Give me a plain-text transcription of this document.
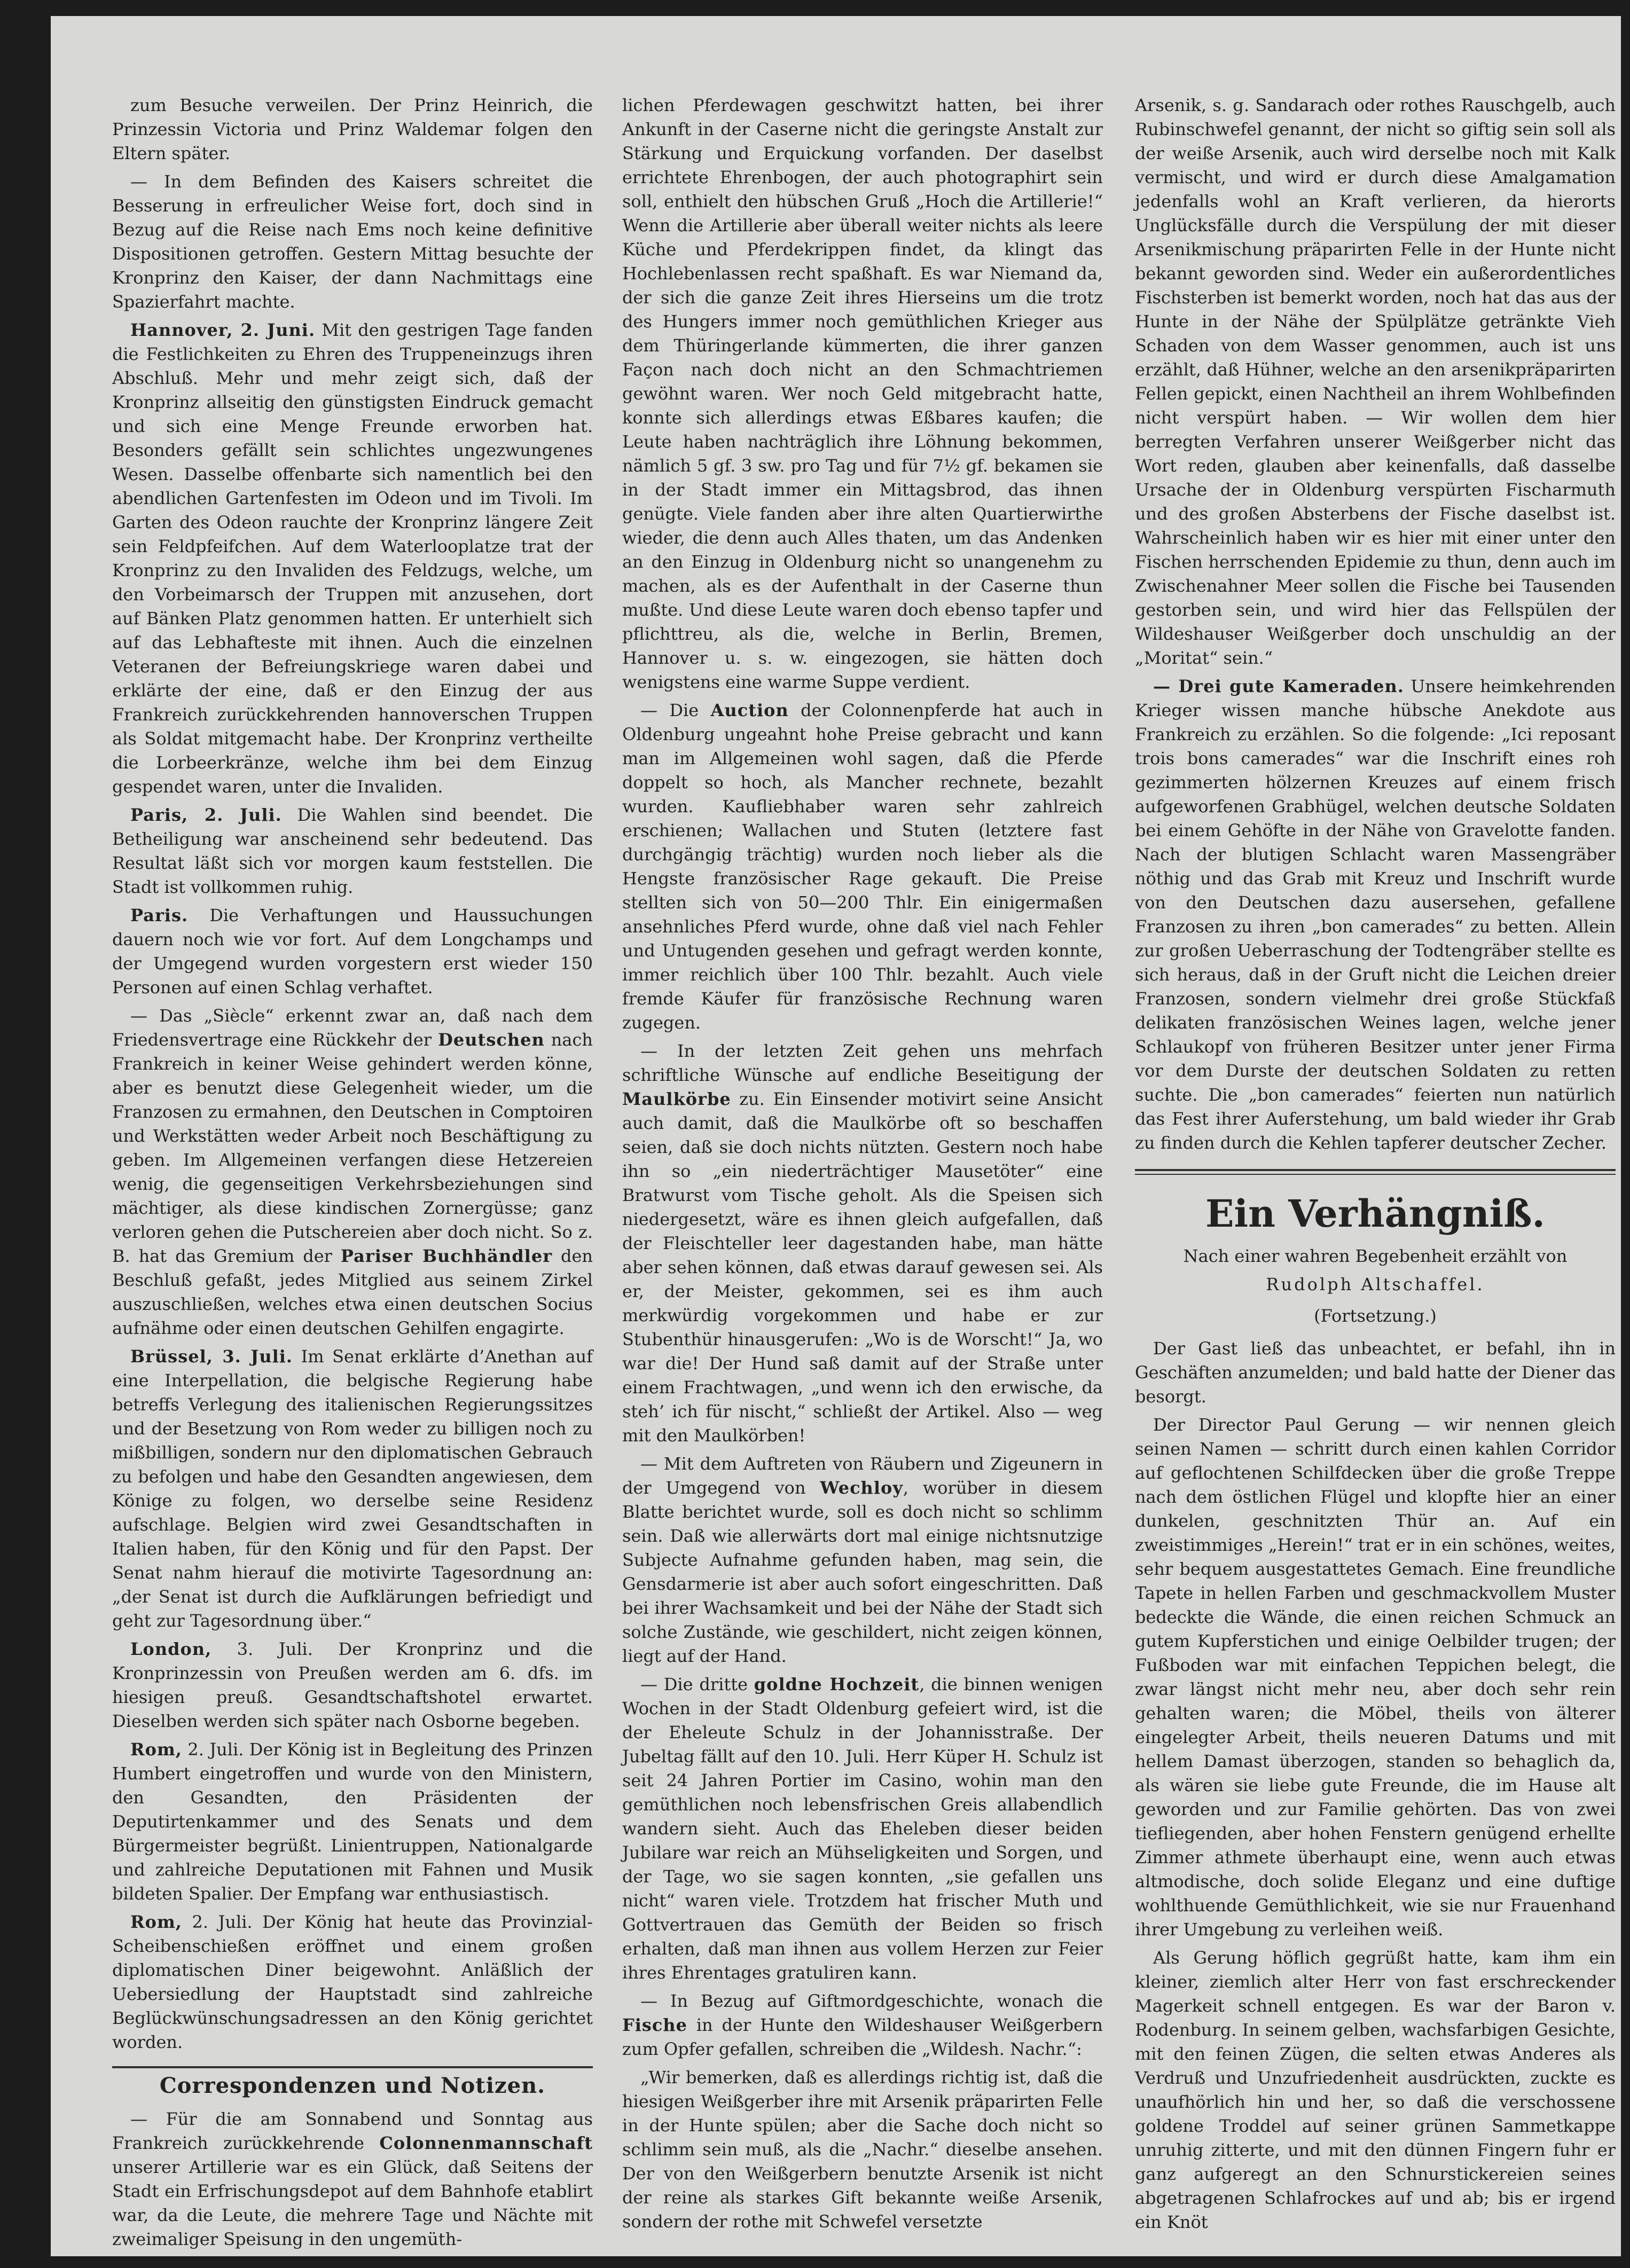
zum Besuche verweilen. Der Prinz Heinrich, die Prinzessin Victoria und Prinz Waldemar folgen den Eltern später.

— In dem Befinden des Kaisers schreitet die Besserung in erfreulicher Weise fort, doch sind in Bezug auf die Reise nach Ems noch keine definitive Dispositionen getroffen. Gestern Mittag besuchte der Kronprinz den Kaiser, der dann Nachmittags eine Spazierfahrt machte.

Hannover, 2. Juni. Mit den gestrigen Tage fanden die Festlichkeiten zu Ehren des Truppeneinzugs ihren Abschluß. Mehr und mehr zeigt sich, daß der Kronprinz allseitig den günstigsten Eindruck gemacht und sich eine Menge Freunde erworben hat. Besonders gefällt sein schlichtes ungezwungenes Wesen. Dasselbe offenbarte sich namentlich bei den abendlichen Gartenfesten im Odeon und im Tivoli. Im Garten des Odeon rauchte der Kronprinz längere Zeit sein Feldpfeifchen. Auf dem Waterlooplatze trat der Kronprinz zu den Invaliden des Feldzugs, welche, um den Vorbeimarsch der Truppen mit anzusehen, dort auf Bänken Platz genommen hatten. Er unterhielt sich auf das Lebhafteste mit ihnen. Auch die einzelnen Veteranen der Befreiungskriege waren dabei und erklärte der eine, daß er den Einzug der aus Frankreich zurückkehrenden hannoverschen Truppen als Soldat mitgemacht habe. Der Kronprinz vertheilte die Lorbeerkränze, welche ihm bei dem Einzug gespendet waren, unter die Invaliden.

Paris, 2. Juli. Die Wahlen sind beendet. Die Betheiligung war anscheinend sehr bedeutend. Das Resultat läßt sich vor morgen kaum feststellen. Die Stadt ist vollkommen ruhig.

Paris. Die Verhaftungen und Haussuchungen dauern noch wie vor fort. Auf dem Longchamps und der Umgegend wurden vorgestern erst wieder 150 Personen auf einen Schlag verhaftet.

— Das „Siècle“ erkennt zwar an, daß nach dem Friedensvertrage eine Rückkehr der Deutschen nach Frankreich in keiner Weise gehindert werden könne, aber es benutzt diese Gelegenheit wieder, um die Franzosen zu ermahnen, den Deutschen in Comptoiren und Werkstätten weder Arbeit noch Beschäftigung zu geben. Im Allgemeinen verfangen diese Hetzereien wenig, die gegenseitigen Verkehrsbeziehungen sind mächtiger, als diese kindischen Zornergüsse; ganz verloren gehen die Putschereien aber doch nicht. So z. B. hat das Gremium der Pariser Buchhändler den Beschluß gefaßt, jedes Mitglied aus seinem Zirkel auszuschließen, welches etwa einen deutschen Socius aufnähme oder einen deutschen Gehilfen engagirte.

Brüssel, 3. Juli. Im Senat erklärte d’Anethan auf eine Interpellation, die belgische Regierung habe betreffs Verlegung des italienischen Regierungssitzes und der Besetzung von Rom weder zu billigen noch zu mißbilligen, sondern nur den diplomatischen Gebrauch zu befolgen und habe den Gesandten angewiesen, dem Könige zu folgen, wo derselbe seine Residenz aufschlage. Belgien wird zwei Gesandtschaften in Italien haben, für den König und für den Papst. Der Senat nahm hierauf die motivirte Tagesordnung an: „der Senat ist durch die Aufklärungen befriedigt und geht zur Tagesordnung über.“

London, 3. Juli. Der Kronprinz und die Kronprinzessin von Preußen werden am 6. dfs. im hiesigen preuß. Gesandtschaftshotel erwartet. Dieselben werden sich später nach Osborne begeben.

Rom, 2. Juli. Der König ist in Begleitung des Prinzen Humbert eingetroffen und wurde von den Ministern, den Gesandten, den Präsidenten der Deputirtenkammer und des Senats und dem Bürgermeister begrüßt. Linientruppen, Nationalgarde und zahlreiche Deputationen mit Fahnen und Musik bildeten Spalier. Der Empfang war enthusiastisch.

Rom, 2. Juli. Der König hat heute das Provinzial-Scheibenschießen eröffnet und einem großen diplomatischen Diner beigewohnt. Anläßlich der Uebersiedlung der Hauptstadt sind zahlreiche Beglückwünschungsadressen an den König gerichtet worden.

Correspondenzen und Notizen.

— Für die am Sonnabend und Sonntag aus Frankreich zurückkehrende Colonnenmannschaft unserer Artillerie war es ein Glück, daß Seitens der Stadt ein Erfrischungsdepot auf dem Bahnhofe etablirt war, da die Leute, die mehrere Tage und Nächte mit zweimaliger Speisung in den ungemüth-

lichen Pferdewagen geschwitzt hatten, bei ihrer Ankunft in der Caserne nicht die geringste Anstalt zur Stärkung und Erquickung vorfanden. Der daselbst errichtete Ehrenbogen, der auch photographirt sein soll, enthielt den hübschen Gruß „Hoch die Artillerie!“ Wenn die Artillerie aber überall weiter nichts als leere Küche und Pferdekrippen findet, da klingt das Hochlebenlassen recht spaßhaft. Es war Niemand da, der sich die ganze Zeit ihres Hierseins um die trotz des Hungers immer noch gemüthlichen Krieger aus dem Thüringerlande kümmerten, die ihrer ganzen Façon nach doch nicht an den Schmachtriemen gewöhnt waren. Wer noch Geld mitgebracht hatte, konnte sich allerdings etwas Eßbares kaufen; die Leute haben nachträglich ihre Löhnung bekommen, nämlich 5 gf. 3 sw. pro Tag und für 7½ gf. bekamen sie in der Stadt immer ein Mittagsbrod, das ihnen genügte. Viele fanden aber ihre alten Quartierwirthe wieder, die denn auch Alles thaten, um das Andenken an den Einzug in Oldenburg nicht so unangenehm zu machen, als es der Aufenthalt in der Caserne thun mußte. Und diese Leute waren doch ebenso tapfer und pflichttreu, als die, welche in Berlin, Bremen, Hannover u. s. w. eingezogen, sie hätten doch wenigstens eine warme Suppe verdient.

— Die Auction der Colonnenpferde hat auch in Oldenburg ungeahnt hohe Preise gebracht und kann man im Allgemeinen wohl sagen, daß die Pferde doppelt so hoch, als Mancher rechnete, bezahlt wurden. Kaufliebhaber waren sehr zahlreich erschienen; Wallachen und Stuten (letztere fast durchgängig trächtig) wurden noch lieber als die Hengste französischer Rage gekauft. Die Preise stellten sich von 50—200 Thlr. Ein einigermaßen ansehnliches Pferd wurde, ohne daß viel nach Fehler und Untugenden gesehen und gefragt werden konnte, immer reichlich über 100 Thlr. bezahlt. Auch viele fremde Käufer für französische Rechnung waren zugegen.

— In der letzten Zeit gehen uns mehrfach schriftliche Wünsche auf endliche Beseitigung der Maulkörbe zu. Ein Einsender motivirt seine Ansicht auch damit, daß die Maulkörbe oft so beschaffen seien, daß sie doch nichts nützten. Gestern noch habe ihn so „ein niederträchtiger Mausetöter“ eine Bratwurst vom Tische geholt. Als die Speisen sich niedergesetzt, wäre es ihnen gleich aufgefallen, daß der Fleischteller leer dagestanden habe, man hätte aber sehen können, daß etwas darauf gewesen sei. Als er, der Meister, gekommen, sei es ihm auch merkwürdig vorgekommen und habe er zur Stubenthür hinausgerufen: „Wo is de Worscht!“ Ja, wo war die! Der Hund saß damit auf der Straße unter einem Frachtwagen, „und wenn ich den erwische, da steh’ ich für nischt,“ schließt der Artikel. Also — weg mit den Maulkörben!

— Mit dem Auftreten von Räubern und Zigeunern in der Umgegend von Wechloy, worüber in diesem Blatte berichtet wurde, soll es doch nicht so schlimm sein. Daß wie allerwärts dort mal einige nichtsnutzige Subjecte Aufnahme gefunden haben, mag sein, die Gensdarmerie ist aber auch sofort eingeschritten. Daß bei ihrer Wachsamkeit und bei der Nähe der Stadt sich solche Zustände, wie geschildert, nicht zeigen können, liegt auf der Hand.

— Die dritte goldne Hochzeit, die binnen wenigen Wochen in der Stadt Oldenburg gefeiert wird, ist die der Eheleute Schulz in der Johannisstraße. Der Jubeltag fällt auf den 10. Juli. Herr Küper H. Schulz ist seit 24 Jahren Portier im Casino, wohin man den gemüthlichen noch lebensfrischen Greis allabendlich wandern sieht. Auch das Eheleben dieser beiden Jubilare war reich an Mühseligkeiten und Sorgen, und der Tage, wo sie sagen konnten, „sie gefallen uns nicht“ waren viele. Trotzdem hat frischer Muth und Gottvertrauen das Gemüth der Beiden so frisch erhalten, daß man ihnen aus vollem Herzen zur Feier ihres Ehrentages gratuliren kann.

— In Bezug auf Giftmordgeschichte, wonach die Fische in der Hunte den Wildeshauser Weißgerbern zum Opfer gefallen, schreiben die „Wildesh. Nachr.“:

„Wir bemerken, daß es allerdings richtig ist, daß die hiesigen Weißgerber ihre mit Arsenik präparirten Felle in der Hunte spülen; aber die Sache doch nicht so schlimm sein muß, als die „Nachr.“ dieselbe ansehen. Der von den Weißgerbern benutzte Arsenik ist nicht der reine als starkes Gift bekannte weiße Arsenik, sondern der rothe mit Schwefel versetzte

Arsenik, s. g. Sandarach oder rothes Rauschgelb, auch Rubinschwefel genannt, der nicht so giftig sein soll als der weiße Arsenik, auch wird derselbe noch mit Kalk vermischt, und wird er durch diese Amalgamation jedenfalls wohl an Kraft verlieren, da hierorts Unglücksfälle durch die Verspülung der mit dieser Arsenikmischung präparirten Felle in der Hunte nicht bekannt geworden sind. Weder ein außerordentliches Fischsterben ist bemerkt worden, noch hat das aus der Hunte in der Nähe der Spülplätze getränkte Vieh Schaden von dem Wasser genommen, auch ist uns erzählt, daß Hühner, welche an den arsenikpräparirten Fellen gepickt, einen Nachtheil an ihrem Wohlbefinden nicht verspürt haben. — Wir wollen dem hier berregten Verfahren unserer Weißgerber nicht das Wort reden, glauben aber keinenfalls, daß dasselbe Ursache der in Oldenburg verspürten Fischarmuth und des großen Absterbens der Fische daselbst ist. Wahrscheinlich haben wir es hier mit einer unter den Fischen herrschenden Epidemie zu thun, denn auch im Zwischenahner Meer sollen die Fische bei Tausenden gestorben sein, und wird hier das Fellspülen der Wildeshauser Weißgerber doch unschuldig an der „Moritat“ sein.“

— Drei gute Kameraden. Unsere heimkehrenden Krieger wissen manche hübsche Anekdote aus Frankreich zu erzählen. So die folgende: „Ici reposant trois bons camerades“ war die Inschrift eines roh gezimmerten hölzernen Kreuzes auf einem frisch aufgeworfenen Grabhügel, welchen deutsche Soldaten bei einem Gehöfte in der Nähe von Gravelotte fanden. Nach der blutigen Schlacht waren Massengräber nöthig und das Grab mit Kreuz und Inschrift wurde von den Deutschen dazu ausersehen, gefallene Franzosen zu ihren „bon camerades“ zu betten. Allein zur großen Ueberraschung der Todtengräber stellte es sich heraus, daß in der Gruft nicht die Leichen dreier Franzosen, sondern vielmehr drei große Stückfaß delikaten französischen Weines lagen, welche jener Schlaukopf von früheren Besitzer unter jener Firma vor dem Durste der deutschen Soldaten zu retten suchte. Die „bon camerades“ feierten nun natürlich das Fest ihrer Auferstehung, um bald wieder ihr Grab zu finden durch die Kehlen tapferer deutscher Zecher.

Ein Verhängniß.

Nach einer wahren Begebenheit erzählt von

Rudolph Altschaffel.

(Fortsetzung.)

Der Gast ließ das unbeachtet, er befahl, ihn in Geschäften anzumelden; und bald hatte der Diener das besorgt.

Der Director Paul Gerung — wir nennen gleich seinen Namen — schritt durch einen kahlen Corridor auf geflochtenen Schilfdecken über die große Treppe nach dem östlichen Flügel und klopfte hier an einer dunkelen, geschnitzten Thür an. Auf ein zweistimmiges „Herein!“ trat er in ein schönes, weites, sehr bequem ausgestattetes Gemach. Eine freundliche Tapete in hellen Farben und geschmackvollem Muster bedeckte die Wände, die einen reichen Schmuck an gutem Kupferstichen und einige Oelbilder trugen; der Fußboden war mit einfachen Teppichen belegt, die zwar längst nicht mehr neu, aber doch sehr rein gehalten waren; die Möbel, theils von älterer eingelegter Arbeit, theils neueren Datums und mit hellem Damast überzogen, standen so behaglich da, als wären sie liebe gute Freunde, die im Hause alt geworden und zur Familie gehörten. Das von zwei tiefliegenden, aber hohen Fenstern genügend erhellte Zimmer athmete überhaupt eine, wenn auch etwas altmodische, doch solide Eleganz und eine duftige wohlthuende Gemüthlichkeit, wie sie nur Frauenhand ihrer Umgebung zu verleihen weiß.

Als Gerung höflich gegrüßt hatte, kam ihm ein kleiner, ziemlich alter Herr von fast erschreckender Magerkeit schnell entgegen. Es war der Baron v. Rodenburg. In seinem gelben, wachsfarbigen Gesichte, mit den feinen Zügen, die selten etwas Anderes als Verdruß und Unzufriedenheit ausdrückten, zuckte es unaufhörlich hin und her, so daß die verschossene goldene Troddel auf seiner grünen Sammetkappe unruhig zitterte, und mit den dünnen Fingern fuhr er ganz aufgeregt an den Schnurstickereien seines abgetragenen Schlafrockes auf und ab; bis er irgend ein Knöt
